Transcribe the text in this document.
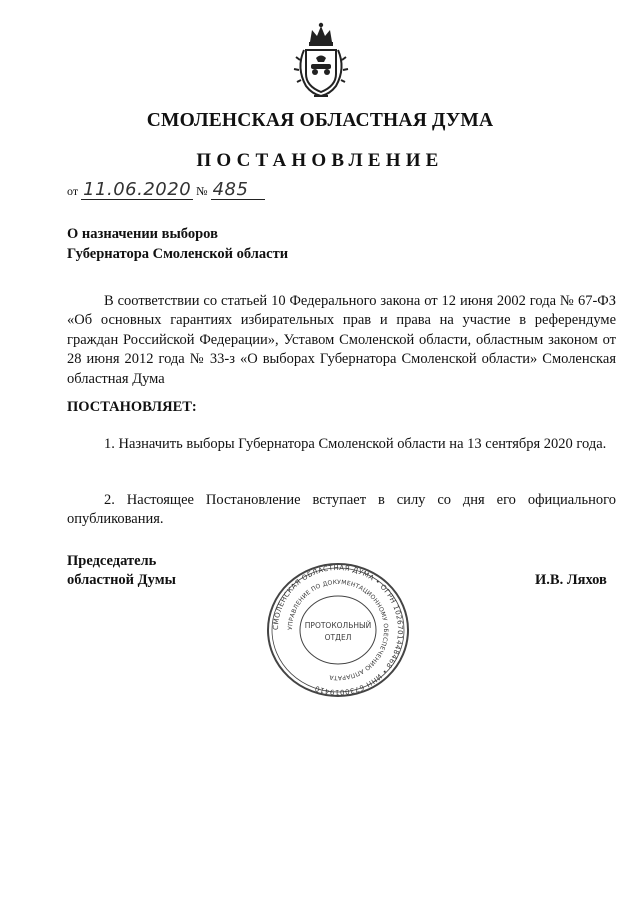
СМОЛЕНСКАЯ ОБЛАСТНАЯ ДУМА
ПОСТАНОВЛЕНИЕ
от 11.06.2020 № 485
О назначении выборов
Губернатора Смоленской области
В соответствии со статьей 10 Федерального закона от 12 июня 2002 года № 67-ФЗ «Об основных гарантиях избирательных прав и права на участие в референдуме граждан Российской Федерации», Уставом Смоленской области, областным законом от 28 июня 2012 года № 33-з «О выборах Губернатора Смоленской области» Смоленская областная Дума
ПОСТАНОВЛЯЕТ:
1. Назначить выборы Губернатора Смоленской области на 13 сентября 2020 года.
2. Настоящее Постановление вступает в силу со дня его официального опубликования.
Председатель
областной Думы	И.В. Ляхов
СМОЛЕНСКАЯ ОБЛАСТНАЯ ДУМА • ОГРН 1026701448468 • ИНН 6730019410
УПРАВЛЕНИЕ ПО ДОКУМЕНТАЦИОННОМУ ОБЕСПЕЧЕНИЮ АППАРАТА
ПРОТОКОЛЬНЫЙ
ОТДЕЛ
